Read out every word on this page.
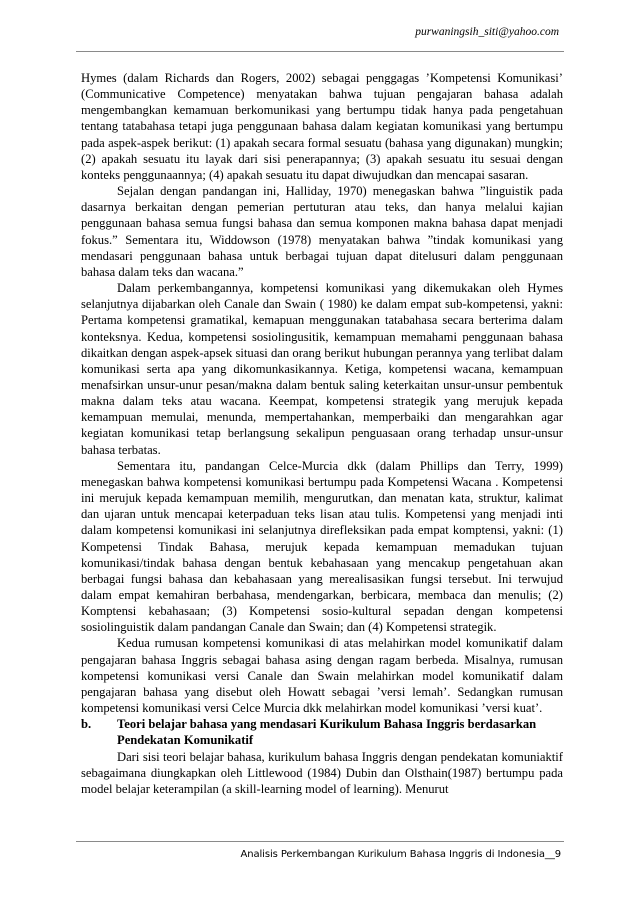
purwaningsih_siti@yahoo.com

Hymes (dalam Richards dan Rogers, 2002) sebagai penggagas ’Kompetensi Komunikasi’ (Communicative Competence) menyatakan bahwa tujuan pengajaran bahasa adalah mengembangkan kemamuan berkomunikasi yang bertumpu tidak hanya pada pengetahuan tentang tatabahasa tetapi juga penggunaan bahasa dalam kegiatan komunikasi yang bertumpu pada aspek-aspek berikut: (1) apakah secara formal sesuatu (bahasa yang digunakan) mungkin; (2) apakah sesuatu itu layak dari sisi penerapannya; (3) apakah sesuatu itu sesuai dengan konteks penggunaannya; (4) apakah sesuatu itu dapat diwujudkan dan mencapai sasaran.

Sejalan dengan pandangan ini, Halliday, 1970) menegaskan bahwa ”linguistik pada dasarnya berkaitan dengan pemerian pertuturan atau teks, dan hanya melalui kajian penggunaan bahasa semua fungsi bahasa dan semua komponen makna bahasa dapat menjadi fokus.” Sementara itu, Widdowson (1978) menyatakan bahwa ”tindak komunikasi yang mendasari penggunaan bahasa untuk berbagai tujuan dapat ditelusuri dalam penggunaan bahasa dalam teks dan wacana.”

Dalam perkembangannya, kompetensi komunikasi yang dikemukakan oleh Hymes selanjutnya dijabarkan oleh Canale dan Swain ( 1980) ke dalam empat sub-kompetensi, yakni: Pertama kompetensi gramatikal, kemapuan menggunakan tatabahasa secara berterima dalam konteksnya. Kedua, kompetensi sosiolingusitik, kemampuan memahami penggunaan bahasa dikaitkan dengan aspek-apsek situasi dan orang berikut hubungan perannya yang terlibat dalam komunikasi serta apa yang dikomunkasikannya. Ketiga, kompetensi wacana, kemampuan menafsirkan unsur-unur pesan/makna dalam bentuk saling keterkaitan unsur-unsur pembentuk makna dalam teks atau wacana. Keempat, kompetensi strategik yang merujuk kepada kemampuan memulai, menunda, mempertahankan, memperbaiki dan mengarahkan agar kegiatan komunikasi tetap berlangsung sekalipun penguasaan orang terhadap unsur-unsur bahasa terbatas.

Sementara itu, pandangan Celce-Murcia dkk (dalam Phillips dan Terry, 1999) menegaskan bahwa kompetensi komunikasi bertumpu pada Kompetensi Wacana . Kompetensi ini merujuk kepada kemampuan memilih, mengurutkan, dan menatan kata, struktur, kalimat dan ujaran untuk mencapai keterpaduan teks lisan atau tulis. Kompetensi yang menjadi inti dalam kompetensi komunikasi ini selanjutnya direfleksikan pada empat komptensi, yakni: (1) Kompetensi Tindak Bahasa, merujuk kepada kemampuan memadukan tujuan komunikasi/tindak bahasa dengan bentuk kebahasaan yang mencakup pengetahuan akan berbagai fungsi bahasa dan kebahasaan yang merealisasikan fungsi tersebut. Ini terwujud dalam empat kemahiran berbahasa, mendengarkan, berbicara, membaca dan menulis; (2) Komptensi kebahasaan; (3) Kompetensi sosio-kultural sepadan dengan kompetensi sosiolinguistik dalam pandangan Canale dan Swain; dan (4) Kompetensi strategik.

Kedua rumusan kompetensi komunikasi di atas melahirkan model komunikatif dalam pengajaran bahasa Inggris sebagai bahasa asing dengan ragam berbeda. Misalnya, rumusan kompetensi komunikasi versi Canale dan Swain melahirkan model komunikatif dalam pengajaran bahasa yang disebut oleh Howatt sebagai ’versi lemah’. Sedangkan rumusan kompetensi komunikasi versi Celce Murcia dkk melahirkan model komunikasi ’versi kuat’.

b.	Teori belajar bahasa yang mendasari Kurikulum Bahasa Inggris berdasarkan Pendekatan Komunikatif

Dari sisi teori belajar bahasa, kurikulum bahasa Inggris dengan pendekatan komuniaktif sebagaimana diungkapkan oleh Littlewood (1984) Dubin dan Olsthain(1987) bertumpu pada model belajar keterampilan (a skill-learning model of learning). Menurut

Analisis Perkembangan Kurikulum Bahasa Inggris di Indonesia__9
